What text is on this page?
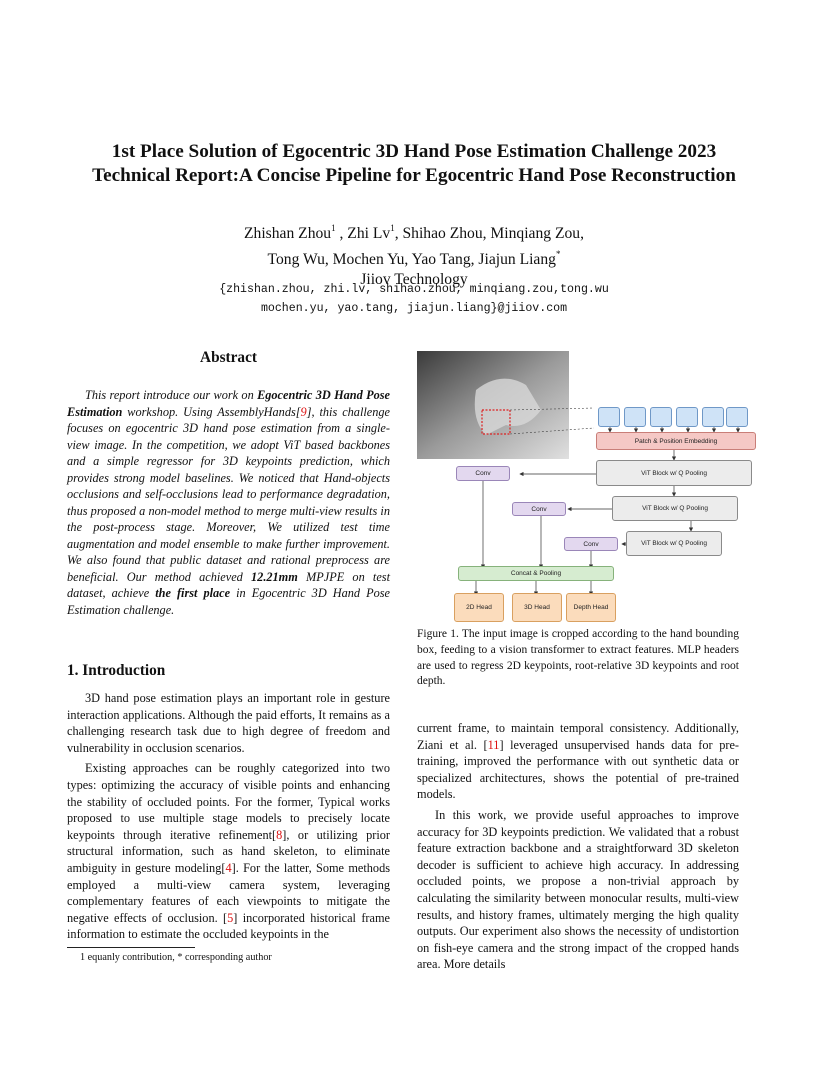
1st Place Solution of Egocentric 3D Hand Pose Estimation Challenge 2023
Technical Report:A Concise Pipeline for Egocentric Hand Pose Reconstruction
Zhishan Zhou$^1$ , Zhi Lv$^1$, Shihao Zhou, Minqiang Zou,
Tong Wu, Mochen Yu, Yao Tang, Jiajun Liang*
Jiiov Technology
{zhishan.zhou, zhi.lv, shihao.zhou, minqiang.zou,tong.wu
mochen.yu, yao.tang, jiajun.liang}@jiiov.com
Abstract
This report introduce our work on Egocentric 3D Hand Pose Estimation workshop. Using AssemblyHands[9], this challenge focuses on egocentric 3D hand pose estimation from a single-view image. In the competition, we adopt ViT based backbones and a simple regressor for 3D keypoints prediction, which provides strong model baselines. We noticed that Hand-objects occlusions and self-occlusions lead to performance degradation, thus proposed a non-model method to merge multi-view results in the post-process stage. Moreover, We utilized test time augmentation and model ensemble to make further improvement. We also found that public dataset and rational preprocess are beneficial. Our method achieved 12.21mm MPJPE on test dataset, achieve the first place in Egocentric 3D Hand Pose Estimation challenge.
1. Introduction

3D hand pose estimation plays an important role in gesture interaction applications. Although the paid efforts, It remains as a challenging research task due to high degree of freedom and vulnerability in occlusion scenarios.

Existing approaches can be roughly categorized into two types: optimizing the accuracy of visible points and enhancing the stability of occluded points. For the former, Typical works proposed to use multiple stage models to precisely locate keypoints through iterative refinement[8], or utilizing prior structural information, such as hand skeleton, to eliminate ambiguity in gesture modeling[4]. For the latter, Some methods employed a multi-view camera system, leveraging complementary features of each viewpoints to mitigate the negative effects of occlusion. [5] incorporated historical frame information to estimate the occluded keypoints in the

1 equanly contribution, * corresponding author
Patch & Position Embedding
ViT Block w/ Q Pooling
ViT Block w/ Q Pooling
ViT Block w/ Q Pooling
Conv
Conv
Conv
Concat & Pooling
2D Head	3D Head	Depth Head
Figure 1. The input image is cropped according to the hand bounding box, feeding to a vision transformer to extract features. MLP headers are used to regress 2D keypoints, root-relative 3D keypoints and root depth.

current frame, to maintain temporal consistency. Additionally, Ziani et al. [11] leveraged unsupervised hands data for pre-training, improved the performance with out synthetic data or specialized architectures, shows the potential of pre-trained models.

In this work, we provide useful approaches to improve accuracy for 3D keypoints prediction. We validated that a robust feature extraction backbone and a straightforward 3D skeleton decoder is sufficient to achieve high accuracy. In addressing occluded points, we propose a non-trivial approach by calculating the similarity between monocular results, multi-view results, and history frames, ultimately merging the high quality outputs. Our experiment also shows the necessity of undistortion on fish-eye camera and the strong impact of the cropped hands area. More details
